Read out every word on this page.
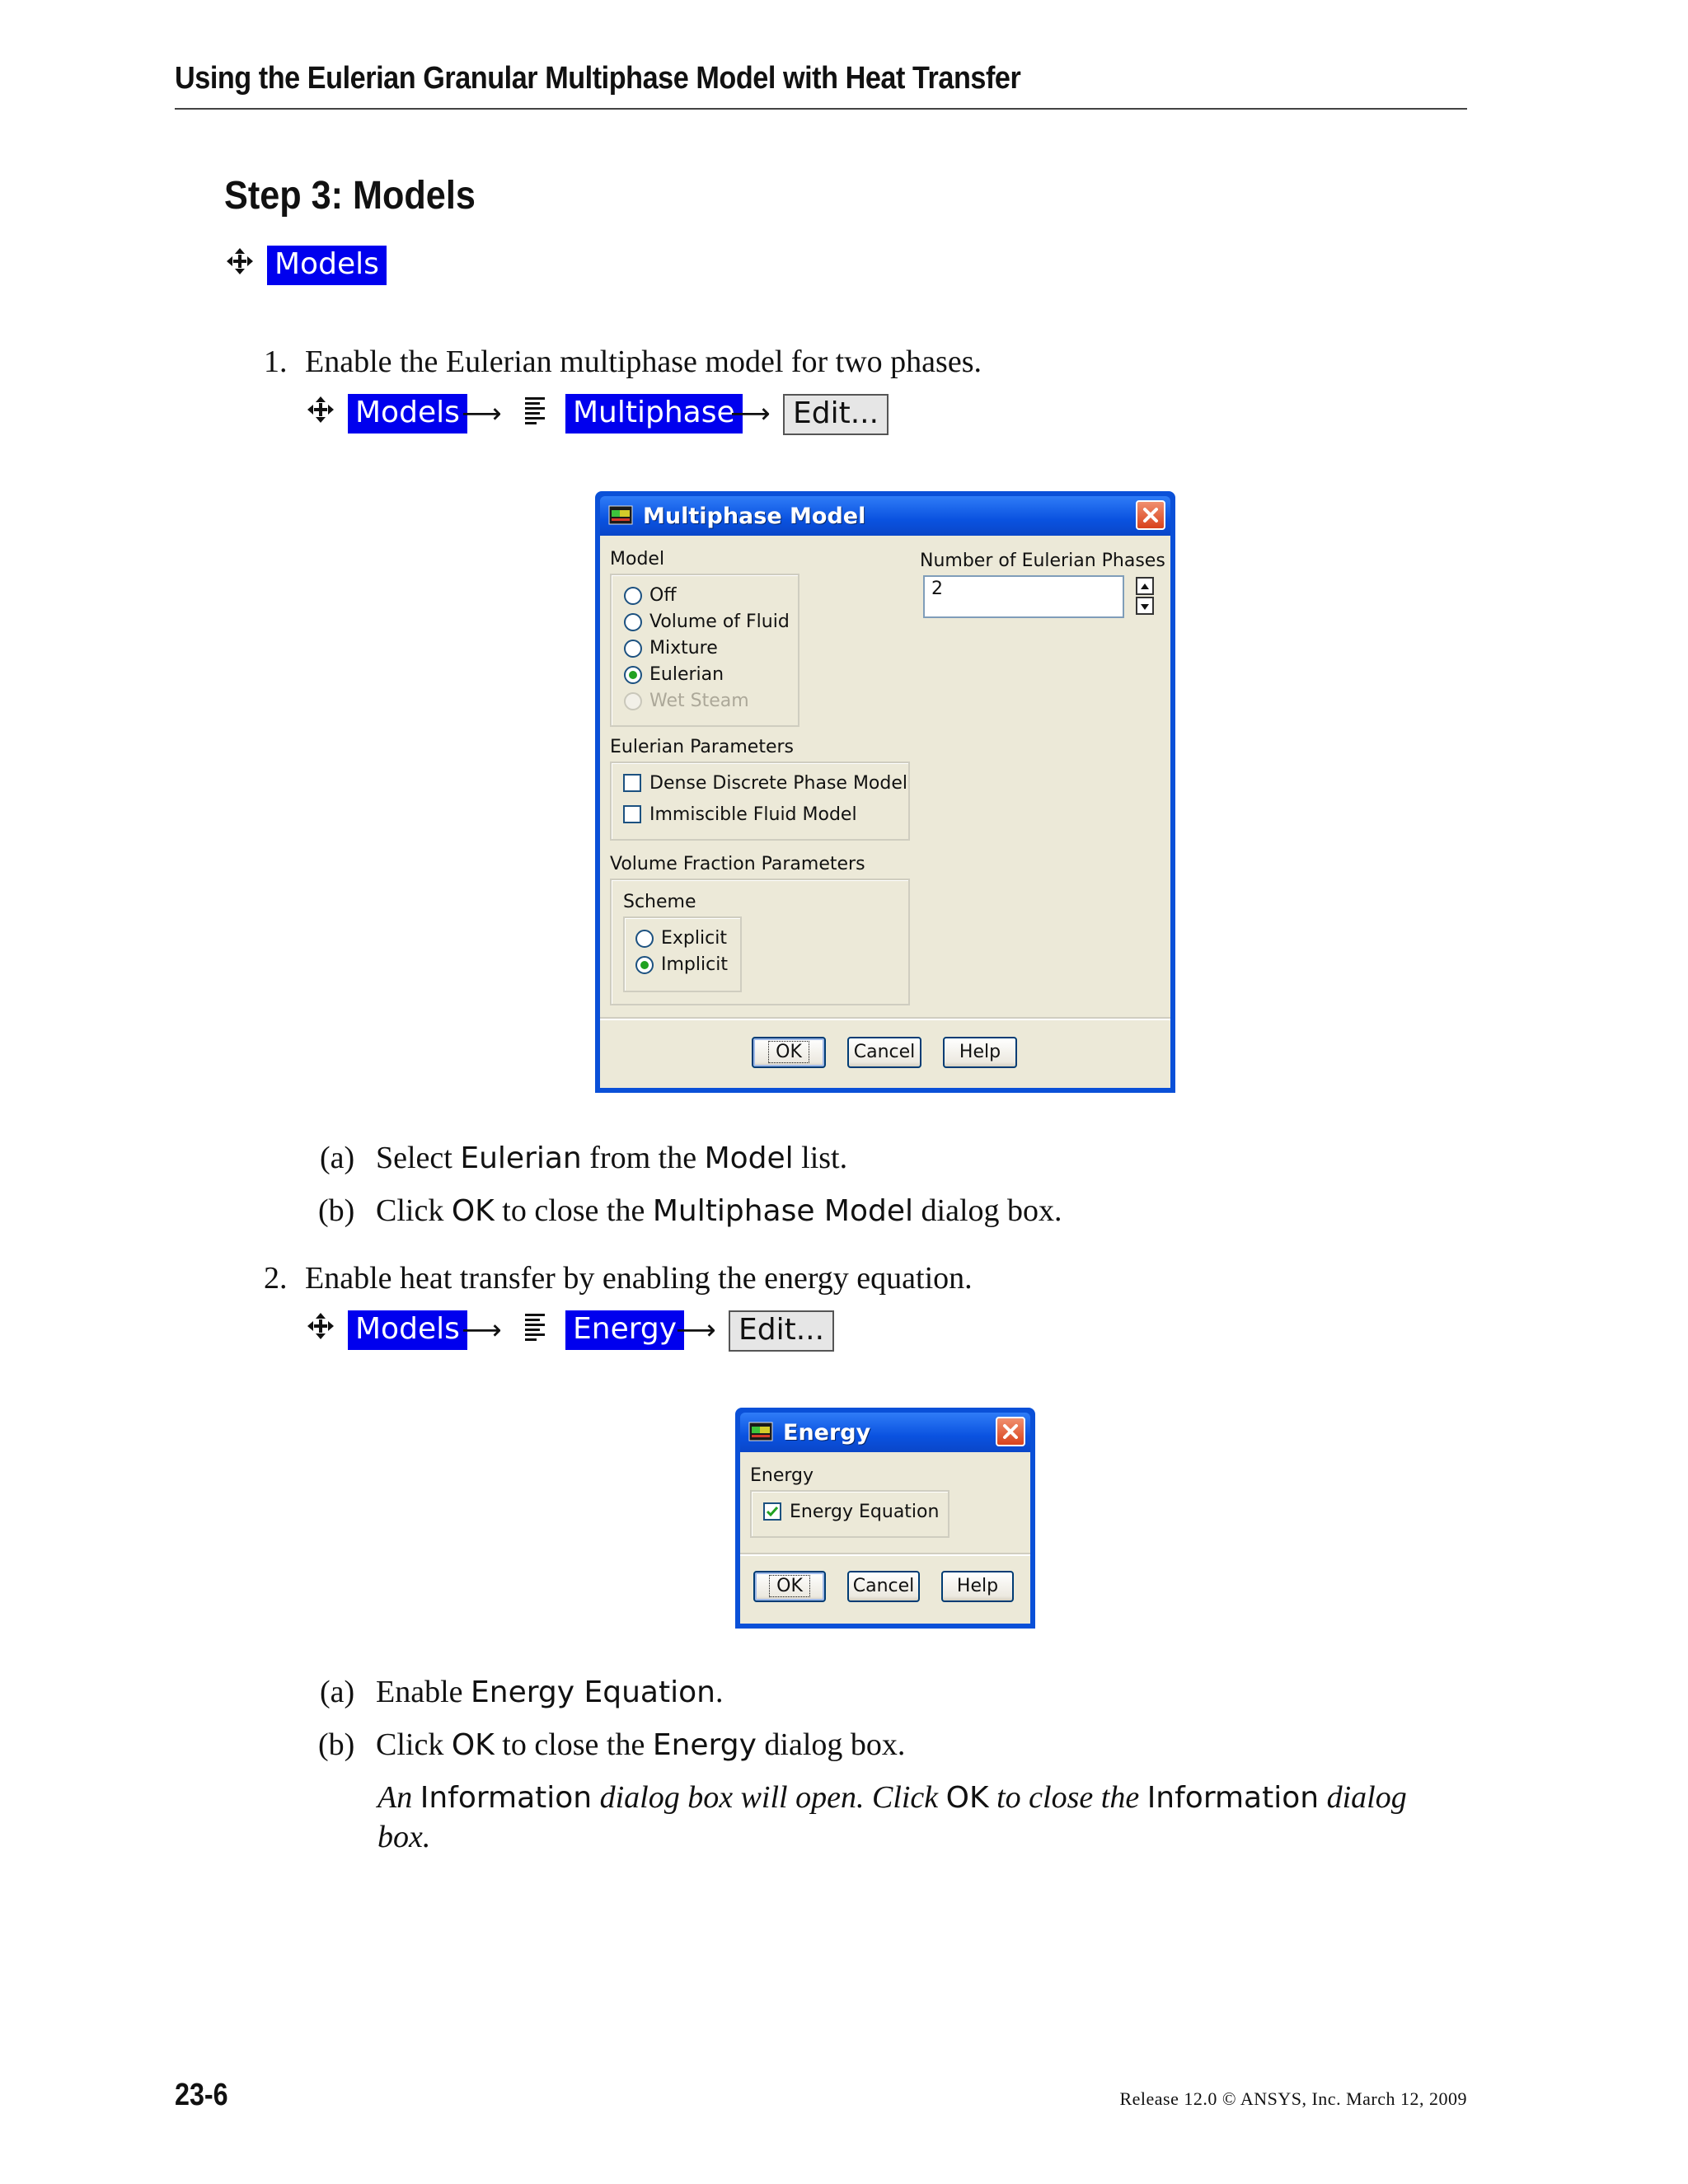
Using the Eulerian Granular Multiphase Model with Heat Transfer
Step 3: Models
Models
1. Enable the Eulerian multiphase model for two phases.
Models ⟶ Multiphase
⟶ Edit...
Multiphase Model
Model
Off
Volume of Fluid
Mixture
Eulerian
Wet Steam
Number of Eulerian Phases
2
Eulerian Parameters
Dense Discrete Phase Model
Immiscible Fluid Model
Volume Fraction Parameters
Scheme
Explicit
Implicit
OK	Cancel	Help
(a) Select Eulerian from the Model list.
(b) Click OK to close the Multiphase Model dialog box.
2. Enable heat transfer by enabling the energy equation.
Models ⟶ Energy
⟶ Edit...
Energy
Energy
Energy Equation
OK	Cancel	Help
(a) Enable Energy Equation.
(b) Click OK to close the Energy dialog box.
An Information dialog box will open. Click OK to close the Information dialog
box.
23-6	Release 12.0 © ANSYS, Inc. March 12, 2009
